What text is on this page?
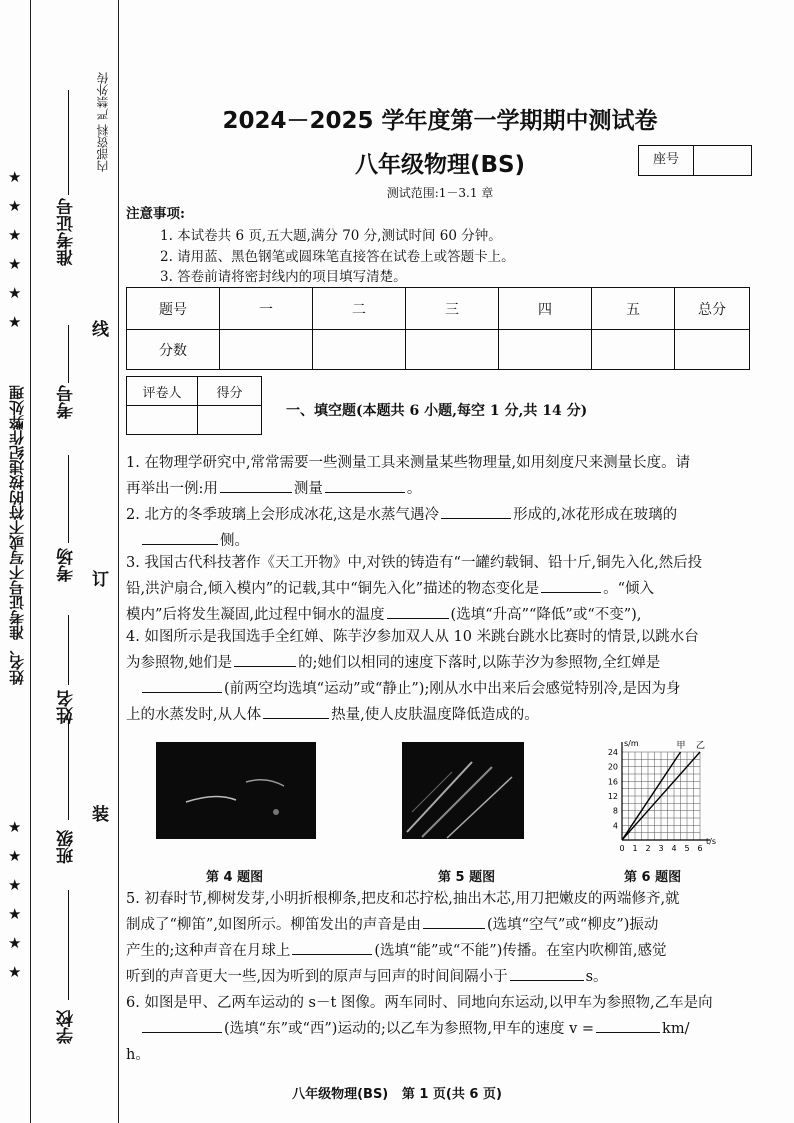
★
★
★
★
★
★
★
★
★
★
★
★
姓名、准考证号不写或不符的按违纪作弊处理
学校
班级
姓名
考场
考号
准考证号
线
订
装
内部资料 严禁外传	2024－2025 学年度第一学期期中测试卷
八年级物理(BS)	座号
测试范围:1－3.1 章
注意事项:
1. 本试卷共 6 页,五大题,满分 70 分,测试时间 60 分钟。
2. 请用蓝、黑色钢笔或圆珠笔直接答在试卷上或答题卡上。
3. 答卷前请将密封线内的项目填写清楚。
题号	一	二	三	四	五	总分
分数						
评卷人	得分

一、填空题(本题共 6 小题,每空 1 分,共 14 分)
1. 在物理学研究中,常常需要一些测量工具来测量某些物理量,如用刻度尺来测量长度。请
再举出一例:用	测量	。
2. 北方的冬季玻璃上会形成冰花,这是水蒸气遇冷	形成的,冰花形成在玻璃的
侧。
3. 我国古代科技著作《天工开物》中,对铁的铸造有“一罐约载铜、铅十斤,铜先入化,然后投
铅,洪沪扇合,倾入模内”的记载,其中“铜先入化”描述的物态变化是	。“倾入
模内”后将发生凝固,此过程中铜水的温度	(选填“升高”“降低”或“不变”),
4. 如图所示是我国选手全红婵、陈芋汐参加双人从 10 米跳台跳水比赛时的情景,以跳水台
为参照物,她们是	的;她们以相同的速度下落时,以陈芋汐为参照物,全红婵是
(前两空均选填“运动”或“静止”);刚从水中出来后会感觉特别冷,是因为身
上的水蒸发时,从人体	热量,使人皮肤温度降低造成的。
t/s
s/m
0 1 2 3 4 5 6
4
8
12
16
20
24
甲 乙
第 4 题图	第 5 题图	第 6 题图
5. 初春时节,柳树发芽,小明折根柳条,把皮和芯拧松,抽出木芯,用刀把嫩皮的两端修齐,就
制成了“柳笛”,如图所示。柳笛发出的声音是由	(选填“空气”或“柳皮”)振动
产生的;这种声音在月球上	(选填“能”或“不能”)传播。在室内吹柳笛,感觉
听到的声音更大一些,因为听到的原声与回声的时间间隔小于	s。
6. 如图是甲、乙两车运动的 s－t 图像。两车同时、同地向东运动,以甲车为参照物,乙车是向
(选填“东”或“西”)运动的;以乙车为参照物,甲车的速度 v =	km/
h。
八年级物理(BS)   第 1 页(共 6 页)
